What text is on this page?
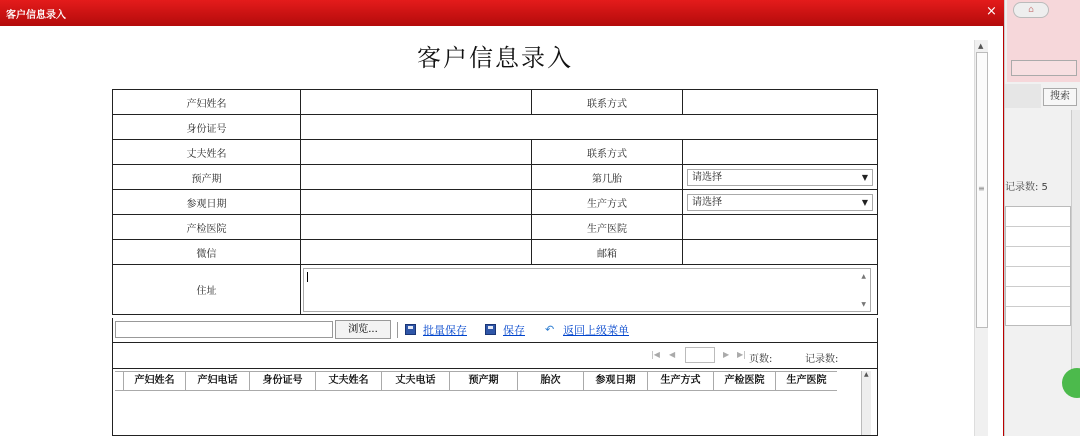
⌂
搜索
记录数: 5
客户信息录入	×
▲
≡
客户信息录入
产妇姓名		联系方式	
身份证号			
丈夫姓名		联系方式	
预产期		第几胎	请选择 ▼

参观日期		生产方式	请选择 ▼

产检医院		生产医院	
微信		邮箱	
住址	▲
▼		
浏览...	批量保存	保存 ↶ 返回上级菜单
|◀ ◀	▶ ▶| 页数:	记录数:
产妇姓名	产妇电话	身份证号	丈夫姓名	丈夫电话	预产期	胎次	参观日期	生产方式	产检医院	生产医院
▲
